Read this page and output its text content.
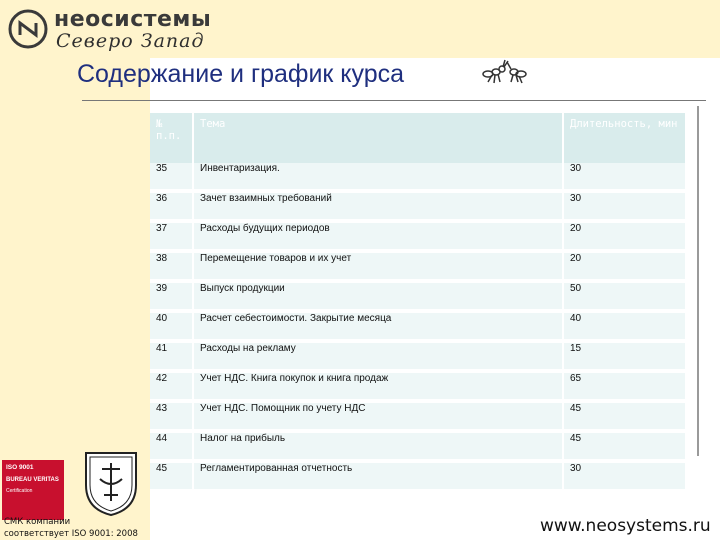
неосистемы
Северо Запад
Содержание и график курса
№ п.п.	Тема	Длительность, мин
35	Инвентаризация.	30
36	Зачет взаимных требований	30
37	Расходы будущих периодов	20
38	Перемещение товаров и их учет	20
39	Выпуск продукции	50
40	Расчет себестоимости. Закрытие месяца	40
41	Расходы на рекламу	15
42	Учет НДС. Книга покупок и книга продаж	65
43	Учет НДС. Помощник по учету НДС	45
44	Налог на прибыль	45
45	Регламентированная отчетность	30
ISO 9001
BUREAU VERITAS
Certification
СМК компании
соответствует ISO 9001: 2008	www.neosystems.ru
